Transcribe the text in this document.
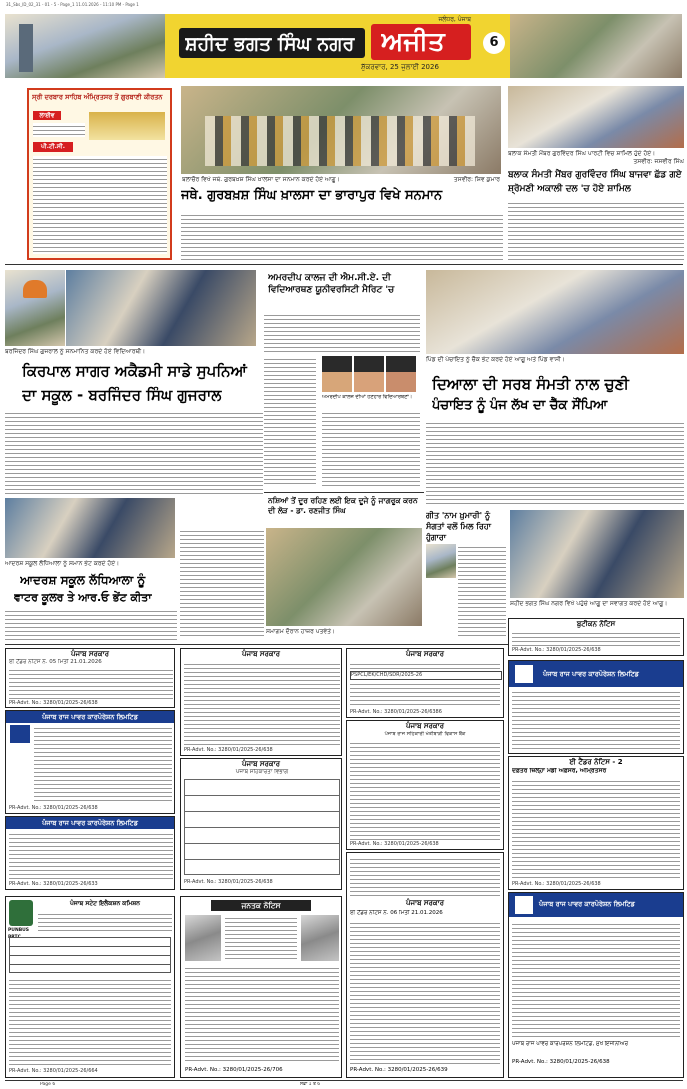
31_Sbs_ID_02_31 - 01 - 5 - Page_1 11.01.2026 - 11:10 PM - Page 1
ਸ਼ਹੀਦ ਭਗਤ ਸਿੰਘ ਨਗਰ	ਅਜੀਤ
ਜਲੰਧਰ, ਪੰਜਾਬ
ਸ਼ੁੱਕਰਵਾਰ, 25 ਜੁਲਾਈ 2026
6
ਸ੍ਰੀ ਦਰਬਾਰ ਸਾਹਿਬ ਅੰਮ੍ਰਿਤਸਰ ਤੋਂ ਗੁਰਬਾਣੀ ਕੀਰਤਨ
ਲਾਈਵ
ਪੀ.ਟੀ.ਸੀ.
ਬਲਾਚੌਰ ਵਿਖੇ ਜਥੇ. ਗੁਰਬਖ਼ਸ਼ ਸਿੰਘ ਖ਼ਾਲਸਾ ਦਾ ਸਨਮਾਨ ਕਰਦੇ ਹੋਏ ਆਗੂ।	ਤਸਵੀਰ: ਸ਼ਿਵ ਕੁਮਾਰ
ਜਥੇ. ਗੁਰਬਖ਼ਸ਼ ਸਿੰਘ ਖ਼ਾਲਸਾ ਦਾ ਭਾਰਾਪੁਰ ਵਿਖੇ ਸਨਮਾਨ
ਬਲਾਕ ਸੰਮਤੀ ਮੈਂਬਰ ਗੁਰਵਿੰਦਰ ਸਿੰਘ ਪਾਰਟੀ ਵਿਚ ਸ਼ਾਮਿਲ ਹੁੰਦੇ ਹੋਏ।
ਤਸਵੀਰ: ਜਸਵੀਰ ਸਿੰਘ
ਬਲਾਕ ਸੰਮਤੀ ਮੈਂਬਰ ਗੁਰਵਿੰਦਰ ਸਿੰਘ ਬਾਜਵਾ ਛੱਡ ਗਏ ਸ਼੍ਰੋਮਣੀ ਅਕਾਲੀ ਦਲ 'ਚ ਹੋਏ ਸ਼ਾਮਿਲ
ਬਰਜਿੰਦਰ ਸਿੰਘ ਗੁਜਰਾਲ ਨੂੰ ਸਨਮਾਨਿਤ ਕਰਦੇ ਹੋਏ ਵਿਦਿਆਰਥੀ।
ਕਿਰਪਾਲ ਸਾਗਰ ਅਕੈਡਮੀ ਸਾਡੇ ਸੁਪਨਿਆਂ
ਦਾ ਸਕੂਲ - ਬਰਜਿੰਦਰ ਸਿੰਘ ਗੁਜਰਾਲ
ਅਮਰਦੀਪ ਕਾਲਜ ਦੀ ਐਮ.ਸੀ.ਏ. ਦੀ ਵਿਦਿਆਰਥਣ ਯੂਨੀਵਰਸਿਟੀ ਮੈਰਿਟ 'ਚ
ਅਮਰਦੀਪ ਕਾਲਜ ਦੀਆਂ ਹੋਣਹਾਰ ਵਿਦਿਆਰਥਣਾਂ।
ਪਿੰਡ ਦੀ ਪੰਚਾਇਤ ਨੂੰ ਚੈੱਕ ਭੇਟ ਕਰਦੇ ਹੋਏ ਆਗੂ ਅਤੇ ਪਿੰਡ ਵਾਸੀ।
ਦਿਆਲਾ ਦੀ ਸਰਬ ਸੰਮਤੀ ਨਾਲ ਚੁਣੀ
ਪੰਚਾਇਤ ਨੂੰ ਪੰਜ ਲੱਖ ਦਾ ਚੈੱਕ ਸੌਂਪਿਆ
ਨਸ਼ਿਆਂ ਤੋਂ ਦੂਰ ਰਹਿਣ ਲਈ ਇਕ ਦੂਜੇ ਨੂੰ ਜਾਗਰੂਕ ਕਰਨ ਦੀ ਲੋੜ - ਡਾ. ਰਣਜੀਤ ਸਿੰਘ
ਸਮਾਗਮ ਦੌਰਾਨ ਹਾਜ਼ਰ ਪਤਵੰਤੇ।
ਗੀਤ 'ਨਾਮ ਖ਼ੁਮਾਰੀ' ਨੂੰ ਸੰਗਤਾਂ ਵਲੋਂ ਮਿਲ ਰਿਹਾ ਹੁੰਗਾਰਾ
ਸ਼ਹੀਦ ਭਗਤ ਸਿੰਘ ਨਗਰ ਵਿਖੇ ਪਹੁੰਚੇ ਆਗੂ ਦਾ ਸਵਾਗਤ ਕਰਦੇ ਹੋਏ ਆਗੂ।
ਆਦਰਸ਼ ਸਕੂਲ ਲੱਧਿਆਲਾ ਨੂੰ ਸਮਾਨ ਭੇਟ ਕਰਦੇ ਹੋਏ।
ਆਦਰਸ਼ ਸਕੂਲ ਲੱਧਿਆਲਾ ਨੂੰ
ਵਾਟਰ ਕੂਲਰ ਤੇ ਆਰ.ਓ ਭੇਂਟ ਕੀਤਾ
ਬੁਟੀਕਨ ਨੋਟਿਸ
PR-Advt. No.: 3280/01/2025-26/638
ਪੰਜਾਬ ਸਰਕਾਰ
ਈ ਟੈਂਡਰ ਨੋਟਿਸ ਨੰ. 05 ਮਿਤੀ 21.01.2026
PR-Advt. No.: 3280/01/2025-26/638
ਪੰਜਾਬ ਰਾਜ ਪਾਵਰ ਕਾਰਪੋਰੇਸ਼ਨ ਲਿਮਟਿਡ
PR-Advt. No.: 3280/01/2025-26/638
ਪੰਜਾਬ ਸਰਕਾਰ
PR-Advt. No.: 3280/01/2025-26/638
ਪੰਜਾਬ ਸਰਕਾਰ
ਪੰਜਾਬ ਸਹਿਕਾਰਤਾ ਵਿਭਾਗ
PR-Advt. No.: 3280/01/2025-26/638
ਪੰਜਾਬ ਸਰਕਾਰ
PSPCL/EK/CHD/SDR/2025-26
PR-Advt. No.: 3280/01/2025-26/6386
ਪੰਜਾਬ ਸਰਕਾਰ
ਪੰਜਾਬ ਰਾਜ ਸਹਿਕਾਰੀ ਖੇਤੀਬਾੜੀ ਵਿਕਾਸ ਬੈਂਕ
PR-Advt. No.: 3280/01/2025-26/638
ਪੰਜਾਬ ਰਾਜ ਪਾਵਰ ਕਾਰਪੋਰੇਸ਼ਨ ਲਿਮਟਿਡ
ਈ ਟੈਂਡਰ ਨੋਟਿਸ - 2
ਦਫ਼ਤਰ ਜ਼ਿਲ੍ਹਾ ਮੰਡੀ ਅਫ਼ਸਰ, ਅੰਮ੍ਰਿਤਸਰ
PR-Advt. No.: 3280/01/2025-26/638
ਪੰਜਾਬ ਰਾਜ ਪਾਵਰ ਕਾਰਪੋਰੇਸ਼ਨ ਲਿਮਟਿਡ
PR-Advt. No.: 3280/01/2025-26/633
PUNBUS
ਪੰਜਾਬ ਸਟੇਟ ਇਲੈਕਸ਼ਨ ਕਮਿਸ਼ਨ
PR-Advt. No.: 3280/01/2025-26/664
ਜਨਤਕ ਨੋਟਿਸ
PR-Advt. No.: 3280/01/2025-26/706
ਪੰਜਾਬ ਸਰਕਾਰ
ਈ ਟੈਂਡਰ ਨੋਟਿਸ ਨੰ. 06 ਮਿਤੀ 21.01.2026
PR-Advt. No.: 3280/01/2025-26/639
ਪੰਜਾਬ ਰਾਜ ਪਾਵਰ ਕਾਰਪੋਰੇਸ਼ਨ ਲਿਮਟਿਡ
ਪੰਜਾਬ ਰਾਜ ਪਾਵਰ ਕਾਰਪੋਰੇਸ਼ਨ ਲਿਮਟਿਡ, ਮੁੱਖ ਇੰਜੀਨੀਅਰ
PR-Advt. No.: 3280/01/2025-26/638
Page 6	ਸਫ਼ਾ 1 ਤੋਂ 6
